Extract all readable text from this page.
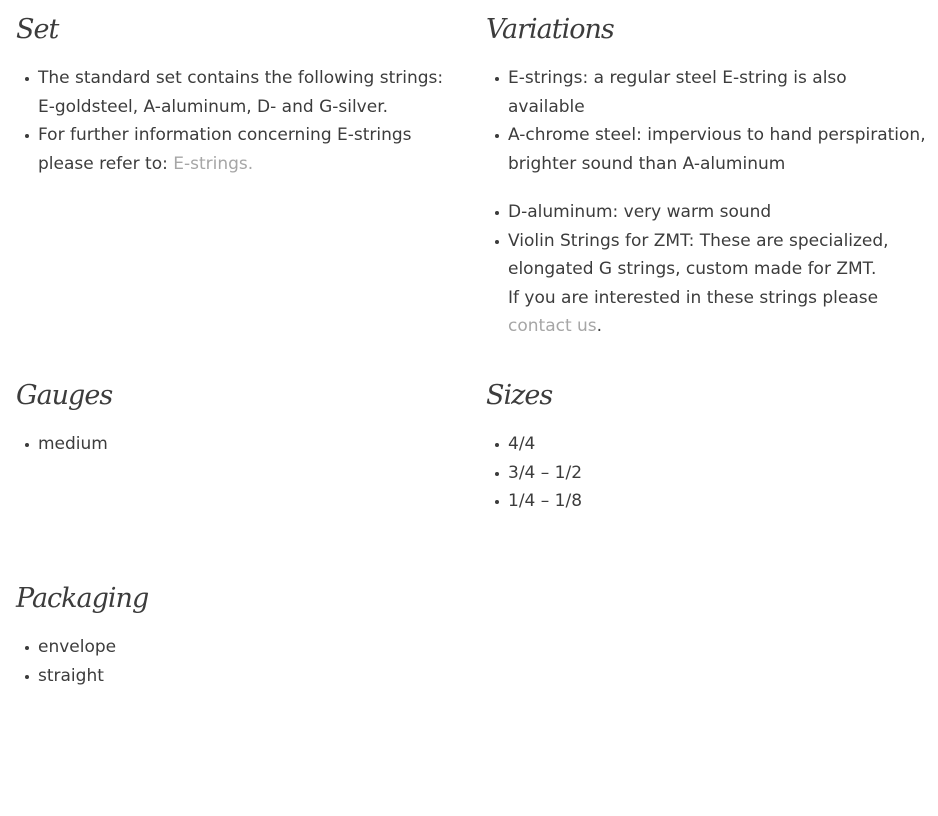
Set
The standard set contains the following strings: E-goldsteel, A-aluminum, D- and G-silver.
For further information concerning E-strings please refer to: E-strings.
Variations
E-strings: a regular steel E-string is also available
A-chrome steel: impervious to hand perspiration, brighter sound than A-aluminum
D-aluminum: very warm sound
Violin Strings for ZMT: These are specialized, elongated G strings, custom made for ZMT.
If you are interested in these strings please contact us.
Gauges
medium
Sizes
4/4
3/4 – 1/2
1/4 – 1/8
Packaging
envelope
straight
